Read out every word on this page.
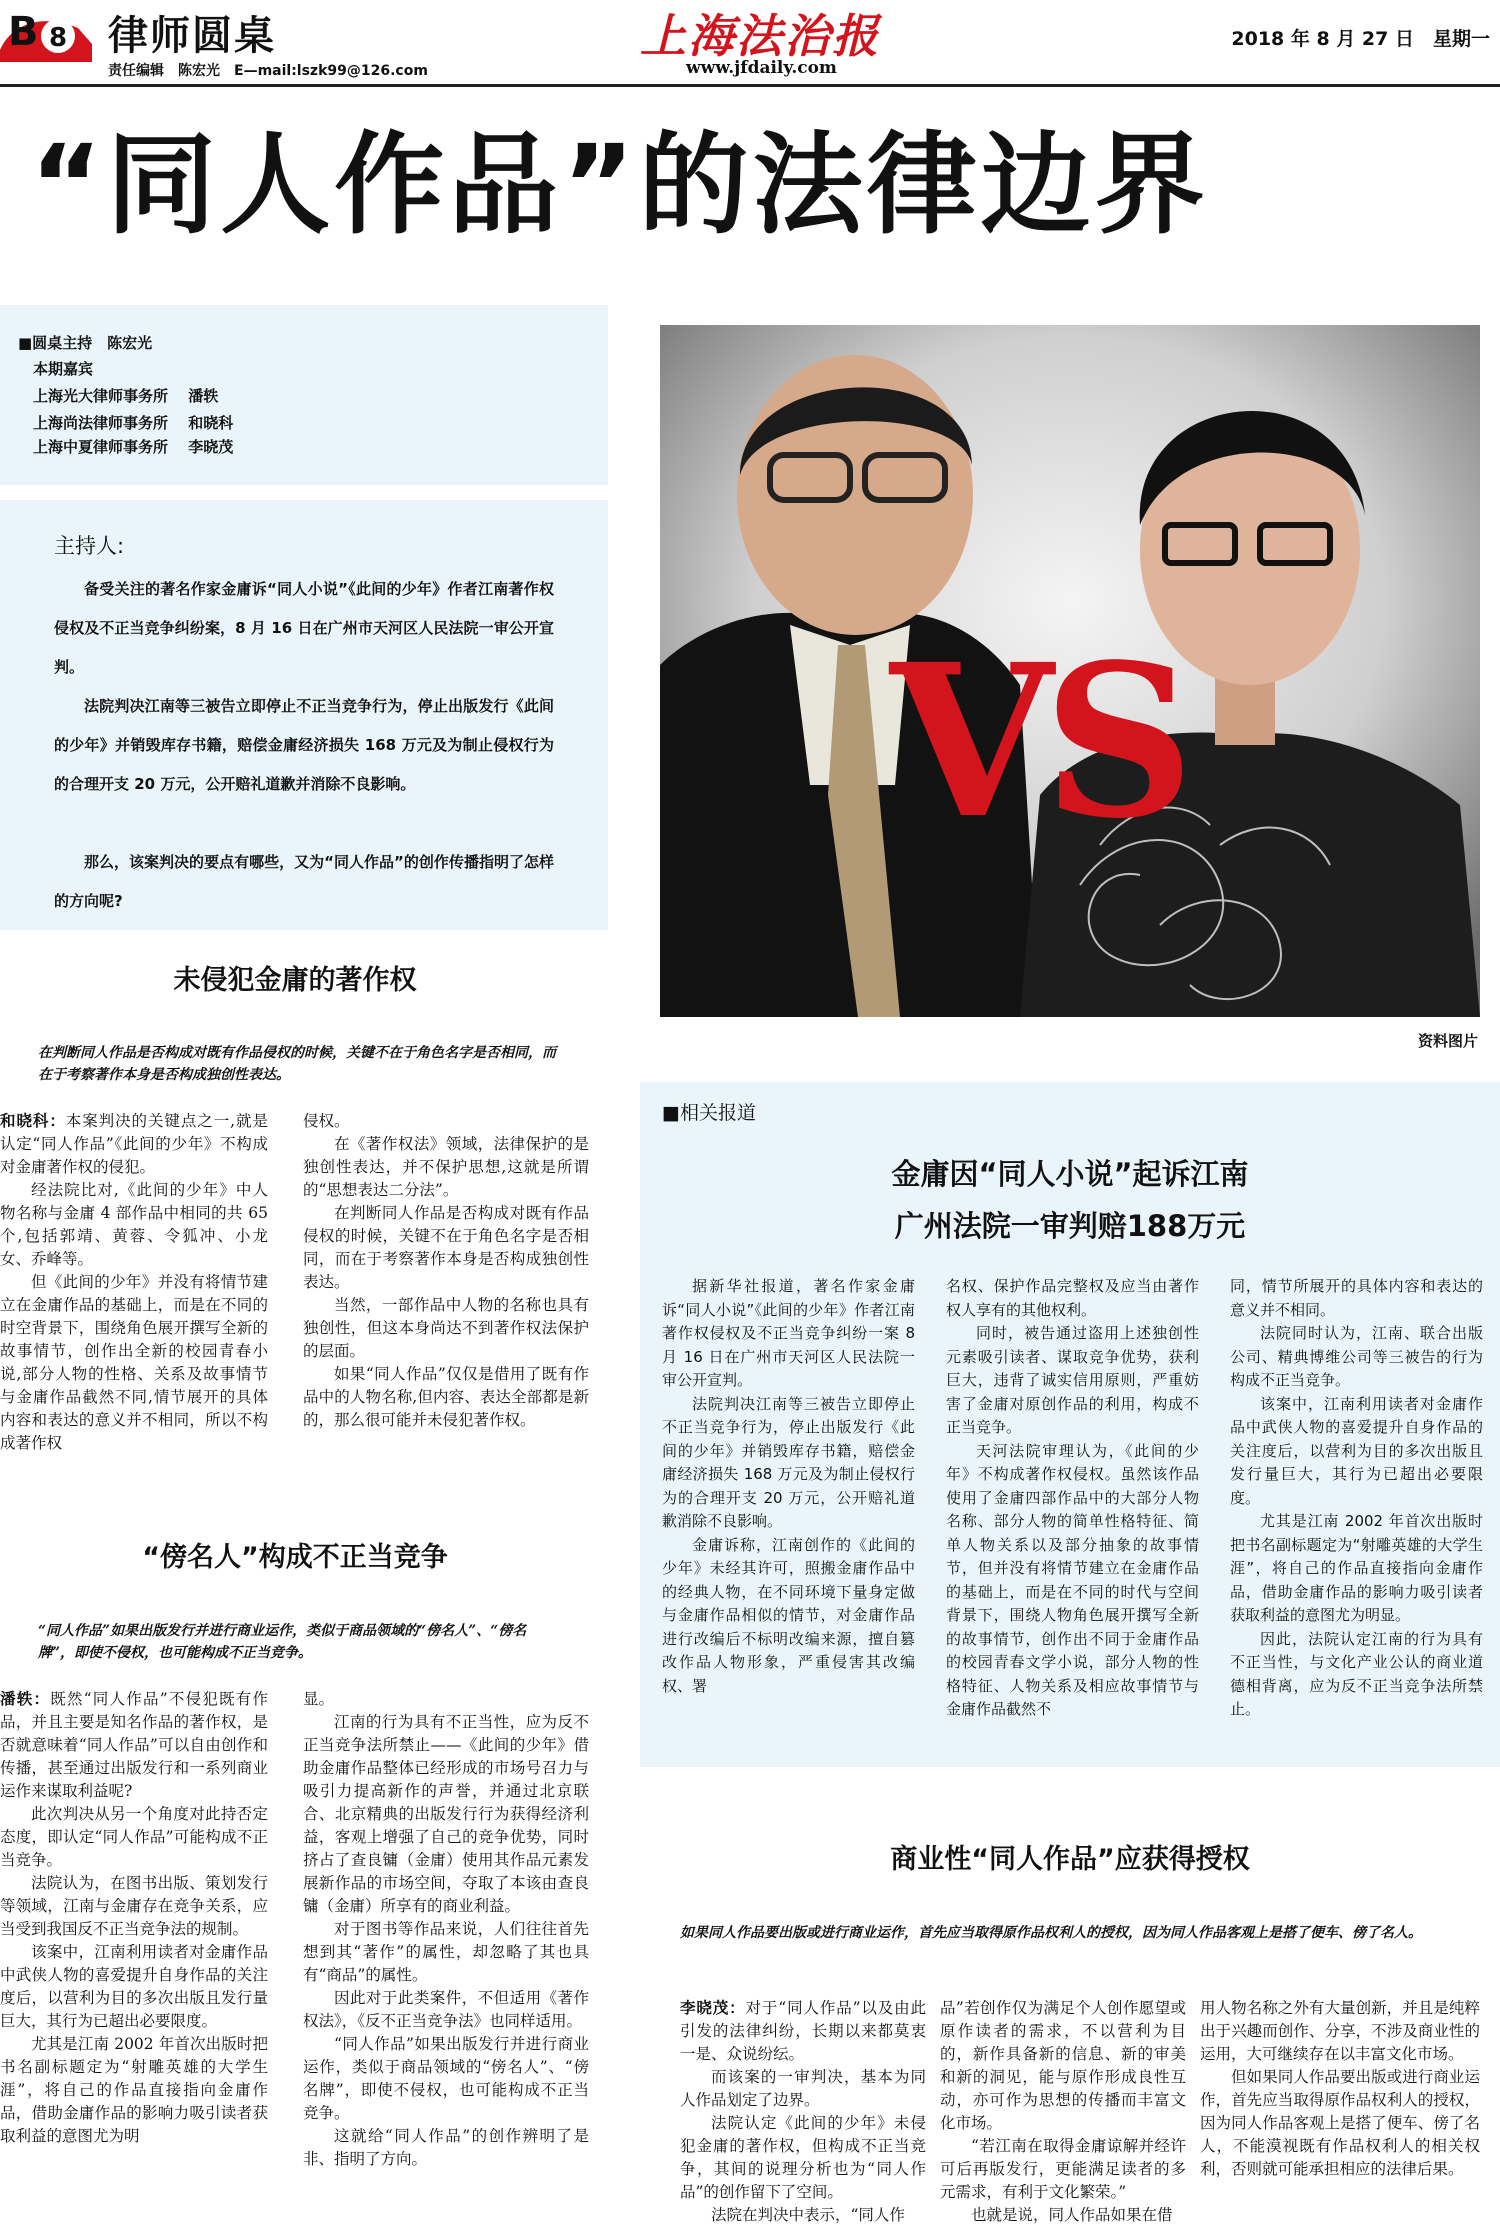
B 8 律师圆桌
责任编辑　陈宏光　E—mail:lszk99@126.com
上海法治报
www.jfdaily.com
2018 年 8 月 27 日　星期一
“同人作品”的法律边界

■圆桌主持　陈宏光

　本期嘉宾

　上海光大律师事务所　 潘轶

　上海尚法律师事务所　 和晓科

　上海中夏律师事务所　 李晓茂

主持人:

备受关注的著名作家金庸诉“同人小说”《此间的少年》作者江南著作权侵权及不正当竞争纠纷案，8 月 16 日在广州市天河区人民法院一审公开宣判。

法院判决江南等三被告立即停止不正当竞争行为，停止出版发行《此间的少年》并销毁库存书籍，赔偿金庸经济损失 168 万元及为制止侵权行为的合理开支 20 万元，公开赔礼道歉并消除不良影响。

那么，该案判决的要点有哪些，又为“同人作品”的创作传播指明了怎样的方向呢?

未侵犯金庸的著作权
在判断同人作品是否构成对既有作品侵权的时候，关键不在于角色名字是否相同，而在于考察著作本身是否构成独创性表达。

和晓科：本案判决的关键点之一,就是认定“同人作品”《此间的少年》不构成对金庸著作权的侵犯。

经法院比对,《此间的少年》中人物名称与金庸 4 部作品中相同的共 65 个,包括郭靖、黄蓉、令狐冲、小龙女、乔峰等。

但《此间的少年》并没有将情节建立在金庸作品的基础上，而是在不同的时空背景下，围绕角色展开撰写全新的故事情节，创作出全新的校园青春小说,部分人物的性格、关系及故事情节与金庸作品截然不同,情节展开的具体内容和表达的意义并不相同，所以不构成著作权

侵权。

在《著作权法》领域，法律保护的是独创性表达，并不保护思想,这就是所谓的“思想表达二分法”。

在判断同人作品是否构成对既有作品侵权的时候，关键不在于角色名字是否相同，而在于考察著作本身是否构成独创性表达。

当然，一部作品中人物的名称也具有独创性，但这本身尚达不到著作权法保护的层面。

如果“同人作品”仅仅是借用了既有作品中的人物名称,但内容、表达全部都是新的，那么很可能并未侵犯著作权。

“傍名人”构成不正当竞争
“同人作品”如果出版发行并进行商业运作，类似于商品领域的“傍名人”、“傍名牌”，即使不侵权，也可能构成不正当竞争。

潘轶：既然“同人作品”不侵犯既有作品，并且主要是知名作品的著作权，是否就意味着“同人作品”可以自由创作和传播，甚至通过出版发行和一系列商业运作来谋取利益呢?

此次判决从另一个角度对此持否定态度，即认定“同人作品”可能构成不正当竞争。

法院认为，在图书出版、策划发行等领域，江南与金庸存在竞争关系，应当受到我国反不正当竞争法的规制。

该案中，江南利用读者对金庸作品中武侠人物的喜爱提升自身作品的关注度后，以营利为目的多次出版且发行量巨大，其行为已超出必要限度。

尤其是江南 2002 年首次出版时把书名副标题定为“射雕英雄的大学生涯”，将自己的作品直接指向金庸作品，借助金庸作品的影响力吸引读者获取利益的意图尤为明

显。

江南的行为具有不正当性，应为反不正当竞争法所禁止——《此间的少年》借助金庸作品整体已经形成的市场号召力与吸引力提高新作的声誉，并通过北京联合、北京精典的出版发行行为获得经济利益，客观上增强了自己的竞争优势，同时挤占了查良镛（金庸）使用其作品元素发展新作品的市场空间，夺取了本该由查良镛（金庸）所享有的商业利益。

对于图书等作品来说，人们往往首先想到其“著作”的属性，却忽略了其也具有“商品”的属性。

因此对于此类案件，不但适用《著作权法》，《反不正当竞争法》也同样适用。

“同人作品”如果出版发行并进行商业运作，类似于商品领域的“傍名人”、“傍名牌”，即使不侵权，也可能构成不正当竞争。

这就给“同人作品”的创作辨明了是非、指明了方向。

VS
资料图片
■相关报道
金庸因“同人小说”起诉江南
广州法院一审判赔188万元

据新华社报道，著名作家金庸诉“同人小说”《此间的少年》作者江南著作权侵权及不正当竞争纠纷一案 8 月 16 日在广州市天河区人民法院一审公开宣判。

法院判决江南等三被告立即停止不正当竞争行为，停止出版发行《此间的少年》并销毁库存书籍，赔偿金庸经济损失 168 万元及为制止侵权行为的合理开支 20 万元，公开赔礼道歉消除不良影响。

金庸诉称，江南创作的《此间的少年》未经其许可，照搬金庸作品中的经典人物，在不同环境下量身定做与金庸作品相似的情节，对金庸作品进行改编后不标明改编来源，擅自篡改作品人物形象，严重侵害其改编权、署

名权、保护作品完整权及应当由著作权人享有的其他权利。

同时，被告通过盗用上述独创性元素吸引读者、谋取竞争优势，获利巨大，违背了诚实信用原则，严重妨害了金庸对原创作品的利用，构成不正当竞争。

天河法院审理认为，《此间的少年》不构成著作权侵权。虽然该作品使用了金庸四部作品中的大部分人物名称、部分人物的简单性格特征、简单人物关系以及部分抽象的故事情节，但并没有将情节建立在金庸作品的基础上，而是在不同的时代与空间背景下，围绕人物角色展开撰写全新的故事情节，创作出不同于金庸作品的校园青春文学小说，部分人物的性格特征、人物关系及相应故事情节与金庸作品截然不

同，情节所展开的具体内容和表达的意义并不相同。

法院同时认为，江南、联合出版公司、精典博维公司等三被告的行为构成不正当竞争。

该案中，江南利用读者对金庸作品中武侠人物的喜爱提升自身作品的关注度后，以营利为目的多次出版且发行量巨大，其行为已超出必要限度。

尤其是江南 2002 年首次出版时把书名副标题定为“射雕英雄的大学生涯”，将自己的作品直接指向金庸作品，借助金庸作品的影响力吸引读者获取利益的意图尤为明显。

因此，法院认定江南的行为具有不正当性，与文化产业公认的商业道德相背离，应为反不正当竞争法所禁止。

商业性“同人作品”应获得授权
如果同人作品要出版或进行商业运作，首先应当取得原作品权利人的授权，因为同人作品客观上是搭了便车、傍了名人。

李晓茂：对于“同人作品”以及由此引发的法律纠纷，长期以来都莫衷一是、众说纷纭。

而该案的一审判决，基本为同人作品划定了边界。

法院认定《此间的少年》未侵犯金庸的著作权，但构成不正当竞争，其间的说理分析也为“同人作品”的创作留下了空间。

法院在判决中表示，“同人作

品”若创作仅为满足个人创作愿望或原作读者的需求，不以营利为目的，新作具备新的信息、新的审美和新的洞见，能与原作形成良性互动，亦可作为思想的传播而丰富文化市场。

“若江南在取得金庸谅解并经许可后再版发行，更能满足读者的多元需求，有利于文化繁荣。”

也就是说，同人作品如果在借

用人物名称之外有大量创新，并且是纯粹出于兴趣而创作、分享，不涉及商业性的运用，大可继续存在以丰富文化市场。

但如果同人作品要出版或进行商业运作，首先应当取得原作品权利人的授权，因为同人作品客观上是搭了便车、傍了名人，不能漠视既有作品权利人的相关权利，否则就可能承担相应的法律后果。
